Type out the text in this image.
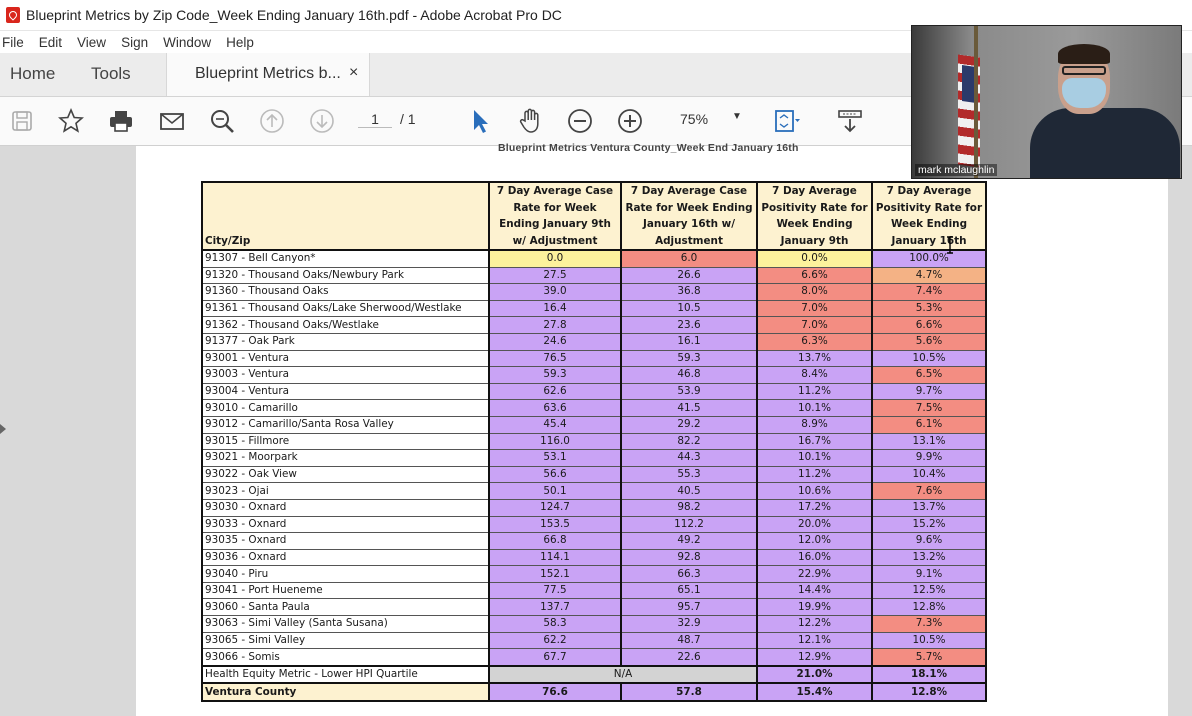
Blueprint Metrics by Zip Code_Week Ending January 16th.pdf - Adobe Acrobat Pro DC
File Edit View Sign Window Help
Home Tools	Blueprint Metrics b... ×
1	/ 1	75% ▼
Blueprint Metrics Ventura County_Week End January 16th
City/Zip	7 Day Average Case Rate for Week Ending January 9th w/ Adjustment	7 Day Average Case Rate for Week Ending January 16th w/ Adjustment	7 Day Average Positivity Rate for Week Ending January 9th	7 Day Average Positivity Rate for Week Ending January 16th
91307 - Bell Canyon*	0.0	6.0	0.0%	100.0%
91320 - Thousand Oaks/Newbury Park	27.5	26.6	6.6%	4.7%
91360 - Thousand Oaks	39.0	36.8	8.0%	7.4%
91361 - Thousand Oaks/Lake Sherwood/Westlake	16.4	10.5	7.0%	5.3%
91362 - Thousand Oaks/Westlake	27.8	23.6	7.0%	6.6%
91377 - Oak Park	24.6	16.1	6.3%	5.6%
93001 - Ventura	76.5	59.3	13.7%	10.5%
93003 - Ventura	59.3	46.8	8.4%	6.5%
93004 - Ventura	62.6	53.9	11.2%	9.7%
93010 - Camarillo	63.6	41.5	10.1%	7.5%
93012 - Camarillo/Santa Rosa Valley	45.4	29.2	8.9%	6.1%
93015 - Fillmore	116.0	82.2	16.7%	13.1%
93021 - Moorpark	53.1	44.3	10.1%	9.9%
93022 - Oak View	56.6	55.3	11.2%	10.4%
93023 - Ojai	50.1	40.5	10.6%	7.6%
93030 - Oxnard	124.7	98.2	17.2%	13.7%
93033 - Oxnard	153.5	112.2	20.0%	15.2%
93035 - Oxnard	66.8	49.2	12.0%	9.6%
93036 - Oxnard	114.1	92.8	16.0%	13.2%
93040 - Piru	152.1	66.3	22.9%	9.1%
93041 - Port Hueneme	77.5	65.1	14.4%	12.5%
93060 - Santa Paula	137.7	95.7	19.9%	12.8%
93063 - Simi Valley (Santa Susana)	58.3	32.9	12.2%	7.3%
93065 - Simi Valley	62.2	48.7	12.1%	10.5%
93066 - Somis	67.7	22.6	12.9%	5.7%
Health Equity Metric - Lower HPI Quartile	N/A		21.0%	18.1%
Ventura County	76.6	57.8	15.4%	12.8%
mark mclaughlin
